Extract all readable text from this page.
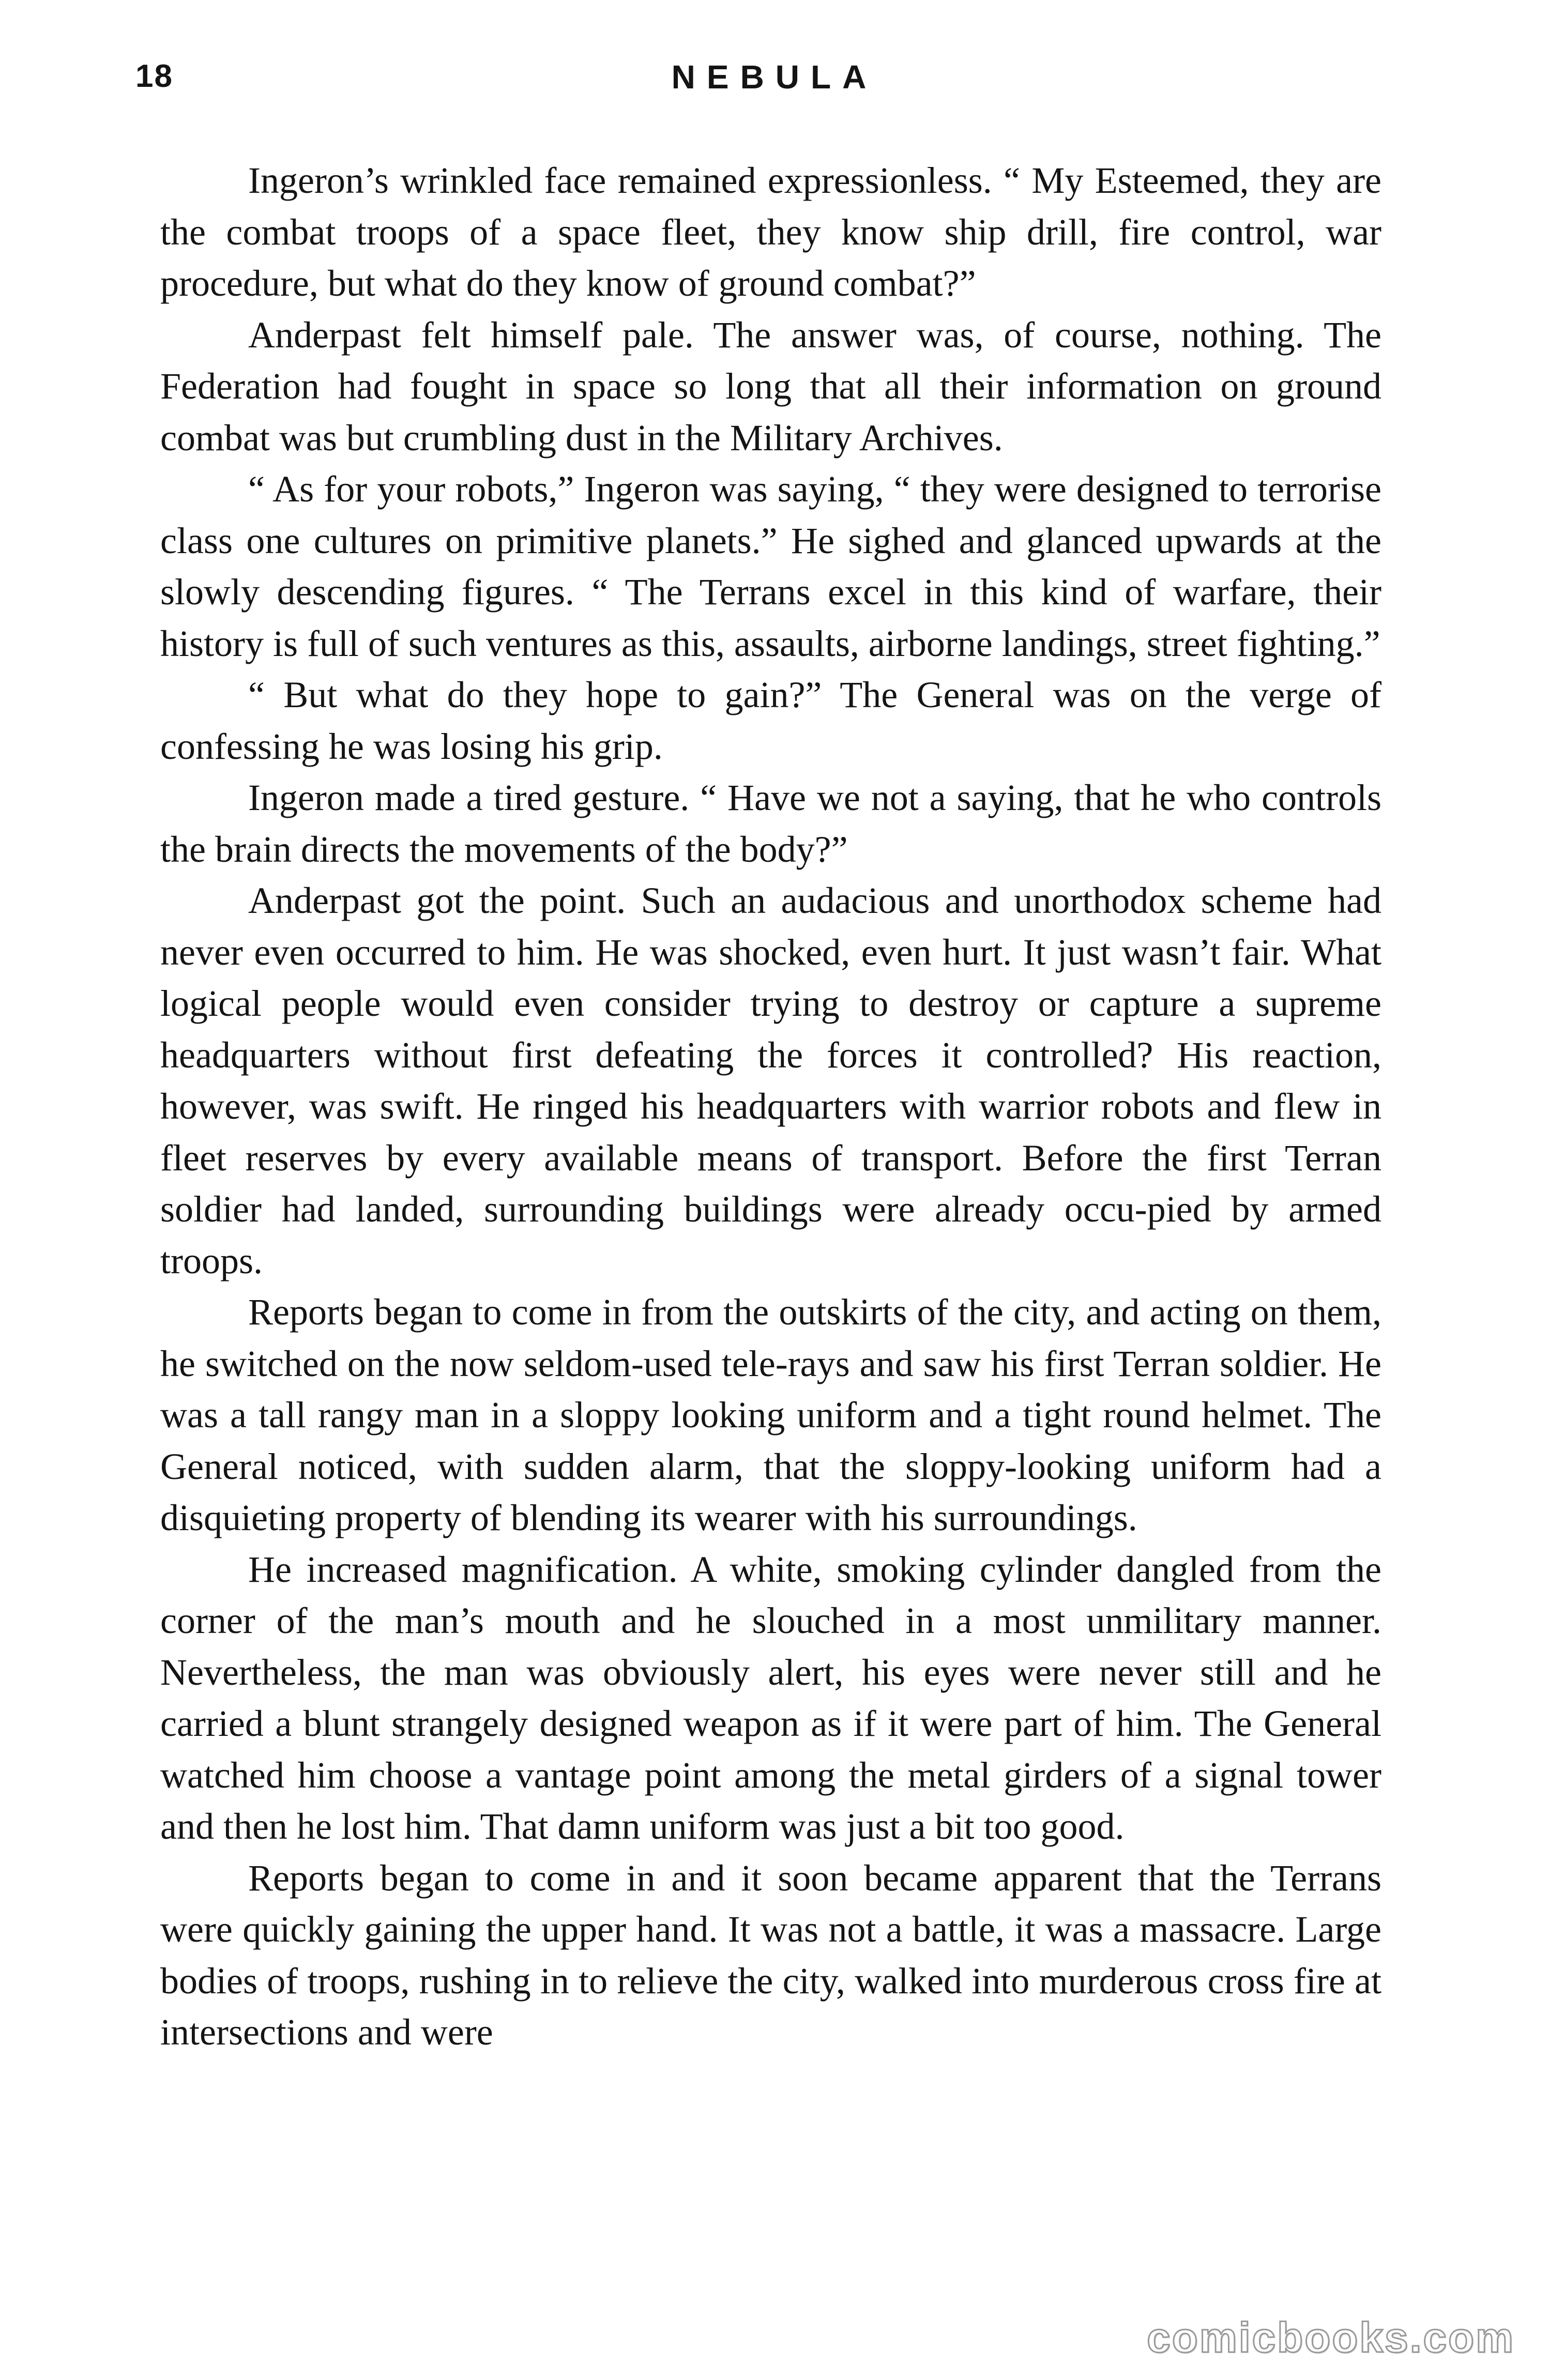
18	NEBULA

Ingeron’s wrinkled face remained expressionless. “ My Esteemed, they are the combat troops of a space fleet, they know ship drill, fire control, war procedure, but what do they know of ground combat?”

Anderpast felt himself pale. The answer was, of course, nothing. The Federation had fought in space so long that all their information on ground combat was but crumbling dust in the Military Archives.

“ As for your robots,” Ingeron was saying, “ they were designed to terrorise class one cultures on primitive planets.” He sighed and glanced upwards at the slowly descending figures. “ The Terrans excel in this kind of warfare, their history is full of such ventures as this, assaults, airborne landings, street fighting.”

“ But what do they hope to gain?” The General was on the verge of confessing he was losing his grip.

Ingeron made a tired gesture. “ Have we not a saying, that he who controls the brain directs the movements of the body?”

Anderpast got the point. Such an audacious and unorthodox scheme had never even occurred to him. He was shocked, even hurt. It just wasn’t fair. What logical people would even consider trying to destroy or capture a supreme headquarters without first defeating the forces it controlled? His reaction, however, was swift. He ringed his headquarters with warrior robots and flew in fleet reserves by every available means of transport. Before the first Terran soldier had landed, surrounding buildings were already occu-pied by armed troops.

Reports began to come in from the outskirts of the city, and acting on them, he switched on the now seldom-used tele-rays and saw his first Terran soldier. He was a tall rangy man in a sloppy looking uniform and a tight round helmet. The General noticed, with sudden alarm, that the sloppy-looking uniform had a disquieting property of blending its wearer with his surroundings.

He increased magnification. A white, smoking cylinder dangled from the corner of the man’s mouth and he slouched in a most unmilitary manner. Nevertheless, the man was obviously alert, his eyes were never still and he carried a blunt strangely designed weapon as if it were part of him. The General watched him choose a vantage point among the metal girders of a signal tower and then he lost him. That damn uniform was just a bit too good.

Reports began to come in and it soon became apparent that the Terrans were quickly gaining the upper hand. It was not a battle, it was a massacre. Large bodies of troops, rushing in to relieve the city, walked into murderous cross fire at intersections and were

comicbooks.com
